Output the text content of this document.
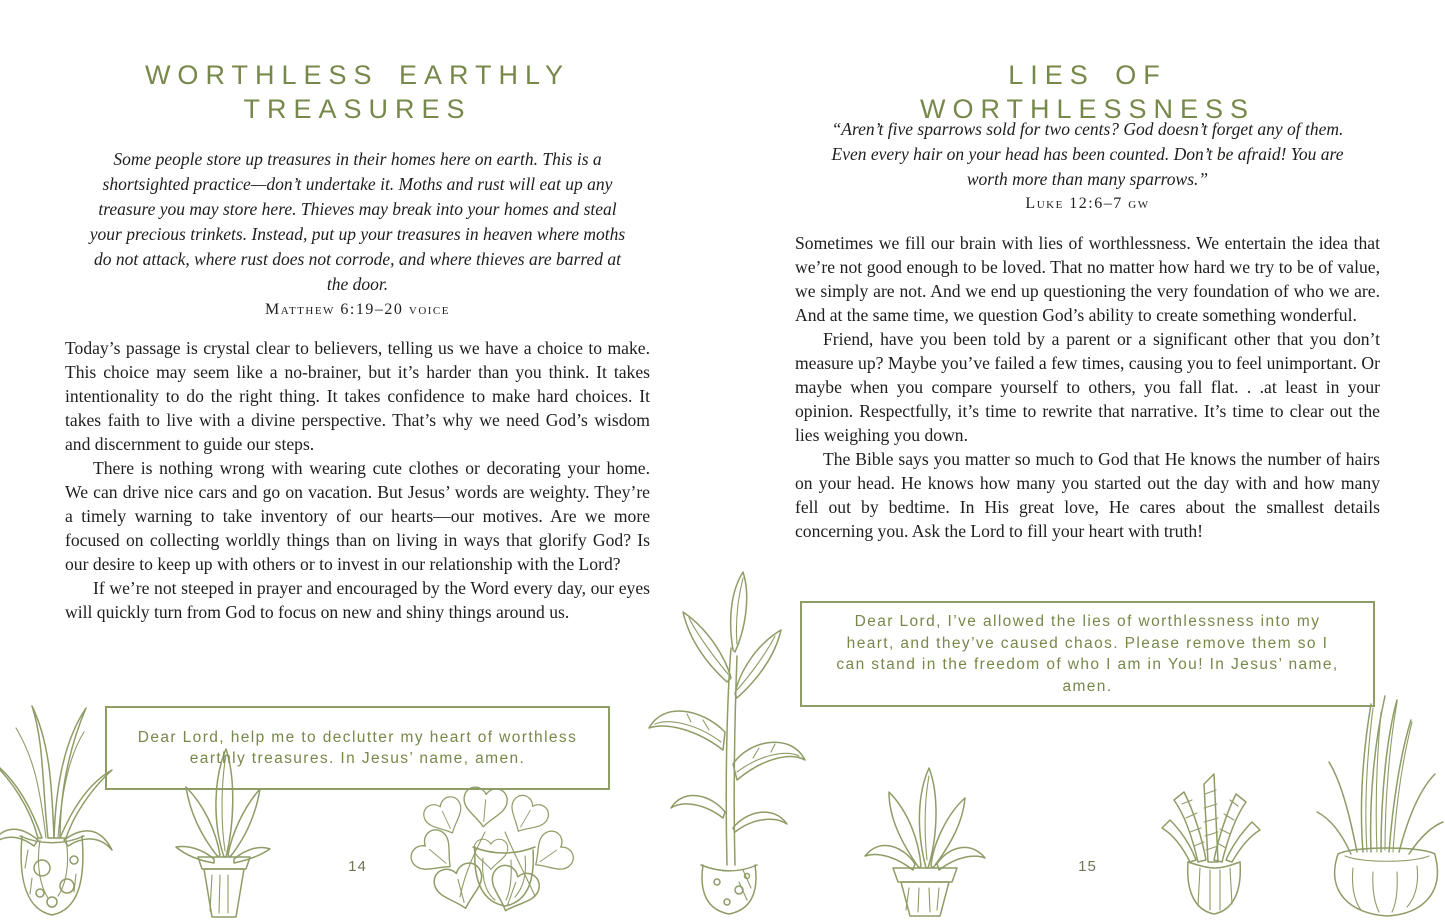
WORTHLESS EARTHLY TREASURES
Some people store up treasures in their homes here on earth. This is a shortsighted practice—don’t undertake it. Moths and rust will eat up any treasure you may store here. Thieves may break into your homes and steal your precious trinkets. Instead, put up your treasures in heaven where moths do not attack, where rust does not corrode, and where thieves are barred at the door.
Matthew 6:19–20 voice

Today’s passage is crystal clear to believers, telling us we have a choice to make. This choice may seem like a no-brainer, but it’s harder than you think. It takes intentionality to do the right thing. It takes confidence to make hard choices. It takes faith to live with a divine perspective. That’s why we need God’s wisdom and discernment to guide our steps.

There is nothing wrong with wearing cute clothes or decorating your home. We can drive nice cars and go on vacation. But Jesus’ words are weighty. They’re a timely warning to take inventory of our hearts—our motives. Are we more focused on collecting worldly things than on living in ways that glorify God? Is our desire to keep up with others or to invest in our relationship with the Lord?

If we’re not steeped in prayer and encouraged by the Word every day, our eyes will quickly turn from God to focus on new and shiny things around us.

LIES OF WORTHLESSNESS
“Aren’t five sparrows sold for two cents? God doesn’t forget any of them. Even every hair on your head has been counted. Don’t be afraid! You are worth more than many sparrows.”
Luke 12:6–7 gw

Sometimes we fill our brain with lies of worthlessness. We entertain the idea that we’re not good enough to be loved. That no matter how hard we try to be of value, we simply are not. And we end up questioning the very foundation of who we are. And at the same time, we question God’s ability to create something wonderful.

Friend, have you been told by a parent or a significant other that you don’t measure up? Maybe you’ve failed a few times, causing you to feel unimportant. Or maybe when you compare yourself to others, you fall flat. . .at least in your opinion. Respectfully, it’s time to rewrite that narrative. It’s time to clear out the lies weighing you down.

The Bible says you matter so much to God that He knows the number of hairs on your head. He knows how many you started out the day with and how many fell out by bedtime. In His great love, He cares about the smallest details concerning you. Ask the Lord to fill your heart with truth!

Dear Lord, help me to declutter my heart of worthless earthly treasures. In Jesus’ name, amen.
Dear Lord, I’ve allowed the lies of worthlessness into my heart, and they’ve caused chaos. Please remove them so I can stand in the freedom of who I am in You! In Jesus’ name, amen.
14	15
